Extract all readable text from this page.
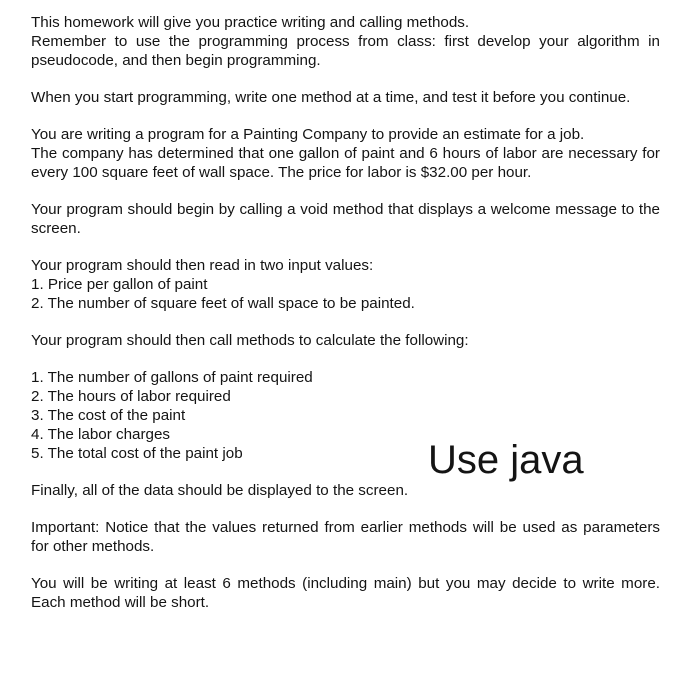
This homework will give you practice writing and calling methods.
Remember to use the programming process from class: first develop your algorithm in pseudocode, and then begin programming.

When you start programming, write one method at a time, and test it before you continue.

You are writing a program for a Painting Company to provide an estimate for a job.
The company has determined that one gallon of paint and 6 hours of labor are necessary for every 100 square feet of wall space. The price for labor is $32.00 per hour.

Your program should begin by calling a void method that displays a welcome message to the screen.

Your program should then read in two input values:
1. Price per gallon of paint
2. The number of square feet of wall space to be painted.
Your program should then call methods to calculate the following:
1. The number of gallons of paint required
2. The hours of labor required
3. The cost of the paint
4. The labor charges
5. The total cost of the paint job

Finally, all of the data should be displayed to the screen.

Important: Notice that the values returned from earlier methods will be used as parameters for other methods.

You will be writing at least 6 methods (including main) but you may decide to write more. Each method will be short.

Use java
